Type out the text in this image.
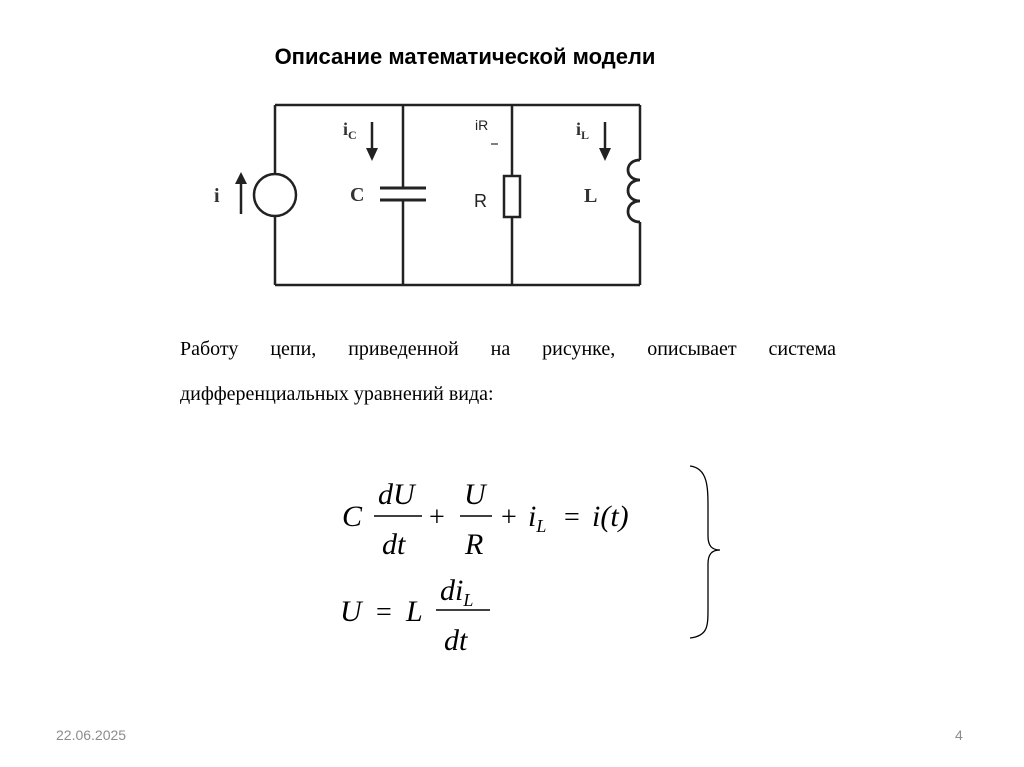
Описание математической модели
i	C
$i_C$
R
iR
L
$i_L$
Работу цепи, приведенной на рисунке, описывает система
дифференциальных уравнений вида:
C
dU
dt
+
U
R
+ $i_L = i(t)$
U = L
$di_L$
dt
22.06.2025	4
